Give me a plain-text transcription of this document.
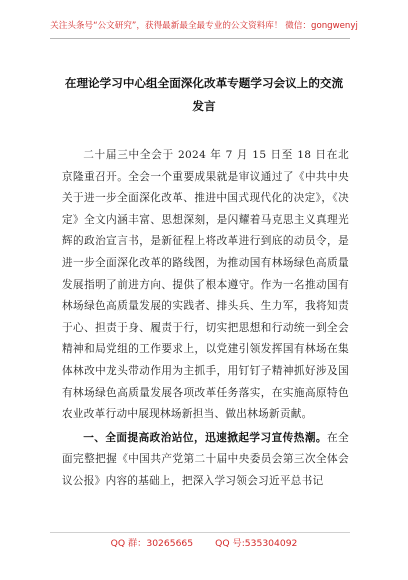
关注头条号“公文研究”，获得最新最全最专业的公文资料库！ 微信：gongwenyj
在理论学习中心组全面深化改革专题学习会议上的交流发言

二十届三中全会于 2024 年 7 月 15 日至 18 日在北京隆重召开。全会一个重要成果就是审议通过了《中共中央关于进一步全面深化改革、推进中国式现代化的决定》，《决定》全文内涵丰富、思想深刻，是闪耀着马克思主义真理光辉的政治宣言书，是新征程上将改革进行到底的动员令，是进一步全面深化改革的路线图，为推动国有林场绿色高质量发展指明了前进方向、提供了根本遵守。作为一名推动国有林场绿色高质量发展的实践者、排头兵、生力军，我将知责于心、担责于身、履责于行，切实把思想和行动统一到全会精神和局党组的工作要求上，以党建引领发挥国有林场在集体林改中龙头带动作用为主抓手，用钉钉子精神抓好涉及国有林场绿色高质量发展各项改革任务落实，在实施高原特色农业改革行动中展现林场新担当、做出林场新贡献。

一、全面提高政治站位，迅速掀起学习宣传热潮。在全面完整把握《中国共产党第二十届中央委员会第三次全体会议公报》内容的基础上，把深入学习领会习近平总书记

QQ 群：30265665 QQ 号:535304092
